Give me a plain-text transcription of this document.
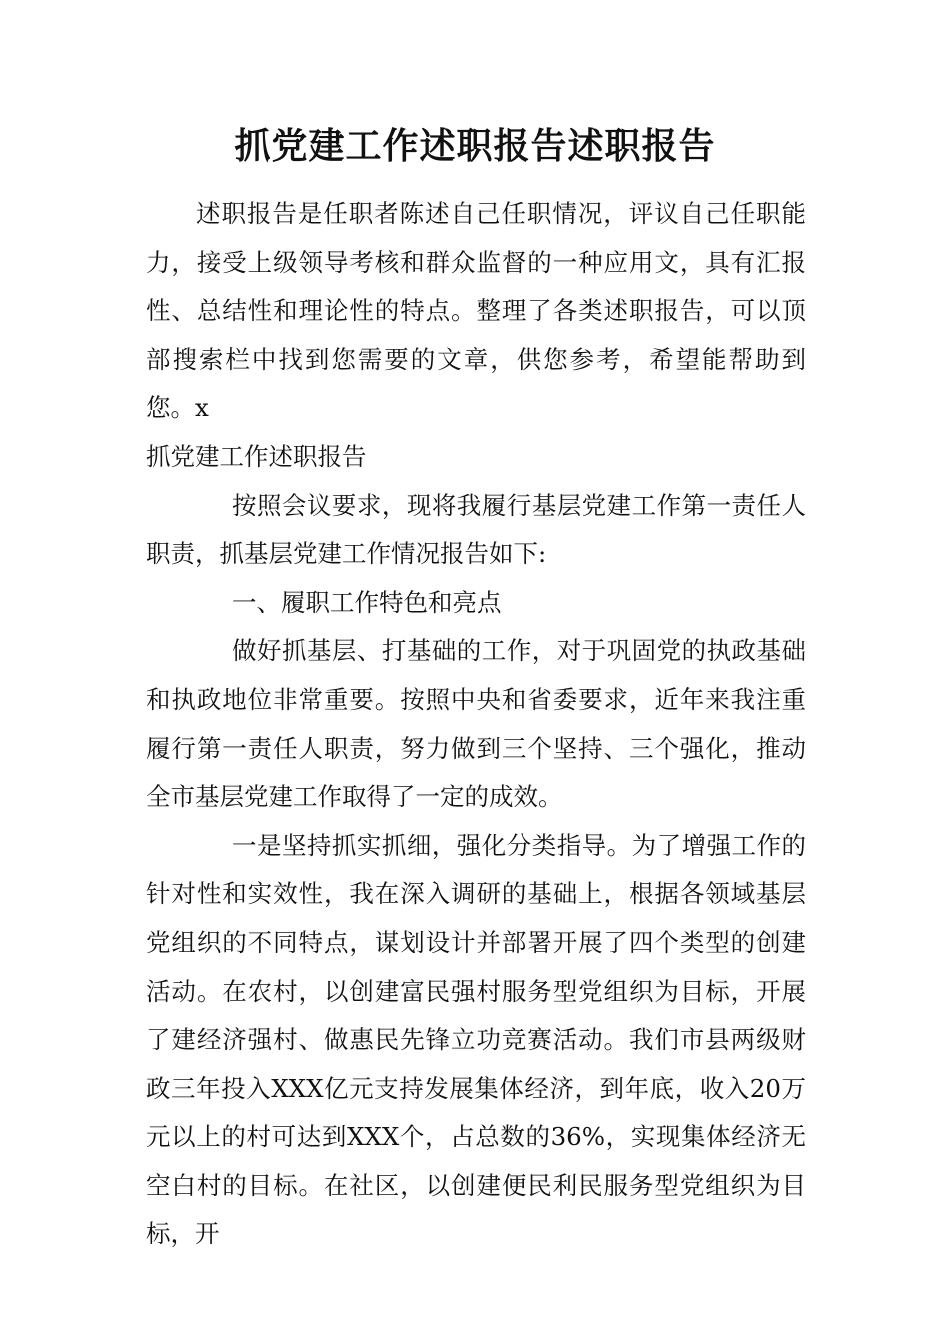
抓党建工作述职报告述职报告

述职报告是任职者陈述自己任职情况，评议自己任职能力，接受上级领导考核和群众监督的一种应用文，具有汇报性、总结性和理论性的特点。整理了各类述职报告，可以顶部搜索栏中找到您需要的文章，供您参考，希望能帮助到您。x

抓党建工作述职报告

按照会议要求，现将我履行基层党建工作第一责任人职责，抓基层党建工作情况报告如下:

一、履职工作特色和亮点

做好抓基层、打基础的工作，对于巩固党的执政基础和执政地位非常重要。按照中央和省委要求，近年来我注重履行第一责任人职责，努力做到三个坚持、三个强化，推动全市基层党建工作取得了一定的成效。

一是坚持抓实抓细，强化分类指导。为了增强工作的针对性和实效性，我在深入调研的基础上，根据各领域基层党组织的不同特点，谋划设计并部署开展了四个类型的创建活动。在农村，以创建富民强村服务型党组织为目标，开展了建经济强村、做惠民先锋立功竞赛活动。我们市县两级财政三年投入XXX亿元支持发展集体经济，到年底，收入20万元以上的村可达到XXX个，占总数的36%，实现集体经济无空白村的目标。在社区，以创建便民利民服务型党组织为目标，开
